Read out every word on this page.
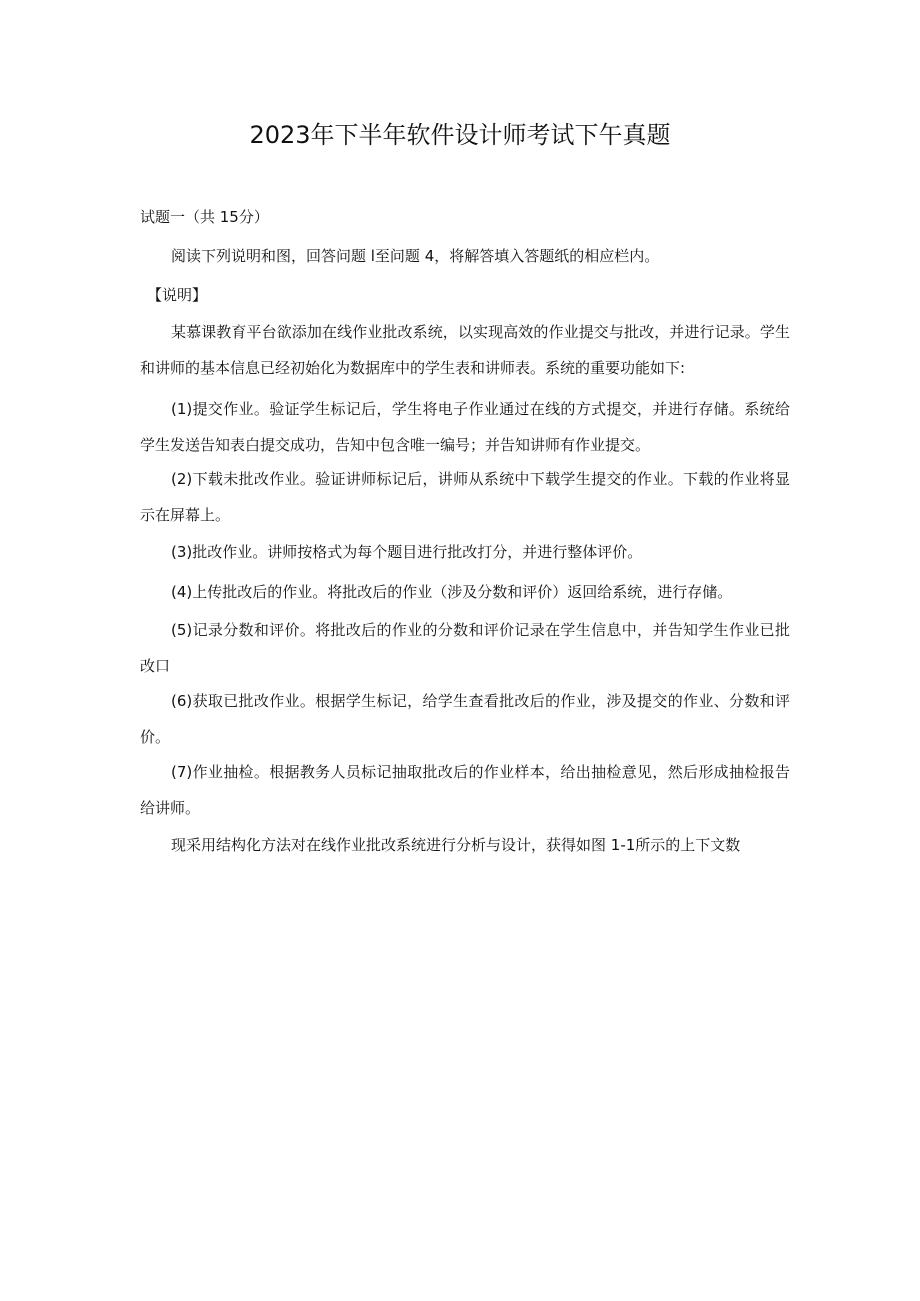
2023年下半年软件设计师考试下午真题
试题一（共 15分）
阅读下列说明和图，回答问题 l至问题 4，将解答填入答题纸的相应栏内。
【说明】

某慕课教育平台欲添加在线作业批改系统，以实现高效的作业提交与批改，并进行记录。学生和讲师的基本信息已经初始化为数据库中的学生表和讲师表。系统的重要功能如下:

(1)提交作业。验证学生标记后，学生将电子作业通过在线的方式提交，并进行存储。系统给学生发送告知表白提交成功，告知中包含唯一编号；并告知讲师有作业提交。

(2)下载未批改作业。验证讲师标记后，讲师从系统中下载学生提交的作业。下载的作业将显示在屏幕上。

(3)批改作业。讲师按格式为每个题目进行批改打分，并进行整体评价。

(4)上传批改后的作业。将批改后的作业（涉及分数和评价）返回给系统，进行存储。

(5)记录分数和评价。将批改后的作业的分数和评价记录在学生信息中，并告知学生作业已批改口

(6)获取已批改作业。根据学生标记，给学生查看批改后的作业，涉及提交的作业、分数和评价。

(7)作业抽检。根据教务人员标记抽取批改后的作业样本，给出抽检意见，然后形成抽检报告给讲师。

现采用结构化方法对在线作业批改系统进行分析与设计，获得如图 1-1所示的上下文数
